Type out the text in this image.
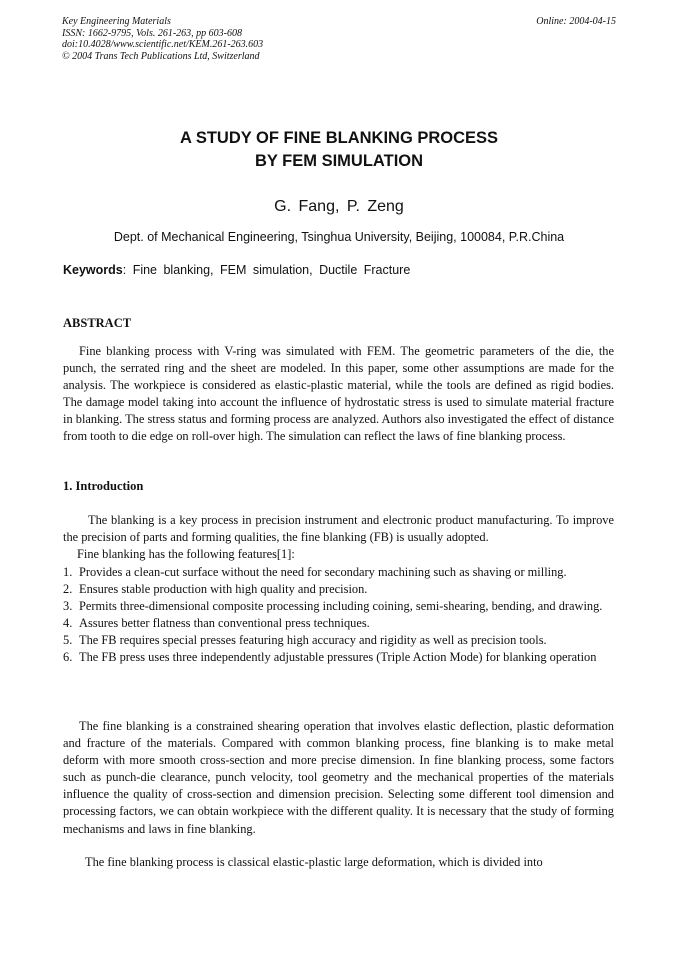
Key Engineering Materials
ISSN: 1662-9795, Vols. 261-263, pp 603-608
doi:10.4028/www.scientific.net/KEM.261-263.603
© 2004 Trans Tech Publications Ltd, Switzerland
Online: 2004-04-15
A STUDY OF FINE BLANKING PROCESS
BY FEM SIMULATION
G. Fang, P. Zeng
Dept. of Mechanical Engineering, Tsinghua University, Beijing, 100084, P.R.China
Keywords: Fine blanking, FEM simulation, Ductile Fracture
ABSTRACT
Fine blanking process with V-ring was simulated with FEM. The geometric parameters of the die, the punch, the serrated ring and the sheet are modeled. In this paper, some other assumptions are made for the analysis. The workpiece is considered as elastic-plastic material, while the tools are defined as rigid bodies. The damage model taking into account the influence of hydrostatic stress is used to simulate material fracture in blanking. The stress status and forming process are analyzed. Authors also investigated the effect of distance from tooth to die edge on roll-over high. The simulation can reflect the laws of fine blanking process.
1. Introduction
The blanking is a key process in precision instrument and electronic product manufacturing. To improve the precision of parts and forming qualities, the fine blanking (FB) is usually adopted.
Fine blanking has the following features[1]:
1. Provides a clean-cut surface without the need for secondary machining such as shaving or milling.
2. Ensures stable production with high quality and precision.
3. Permits three-dimensional composite processing including coining, semi-shearing, bending, and drawing.
4. Assures better flatness than conventional press techniques.
5. The FB requires special presses featuring high accuracy and rigidity as well as precision tools.
6. The FB press uses three independently adjustable pressures (Triple Action Mode) for blanking operation
The fine blanking is a constrained shearing operation that involves elastic deflection, plastic deformation and fracture of the materials. Compared with common blanking process, fine blanking is to make metal deform with more smooth cross-section and more precise dimension. In fine blanking process, some factors such as punch-die clearance, punch velocity, tool geometry and the mechanical properties of the materials influence the quality of cross-section and dimension precision. Selecting some different tool dimension and processing factors, we can obtain workpiece with the different quality. It is necessary that the study of forming mechanisms and laws in fine blanking.
The fine blanking process is classical elastic-plastic large deformation, which is divided into
